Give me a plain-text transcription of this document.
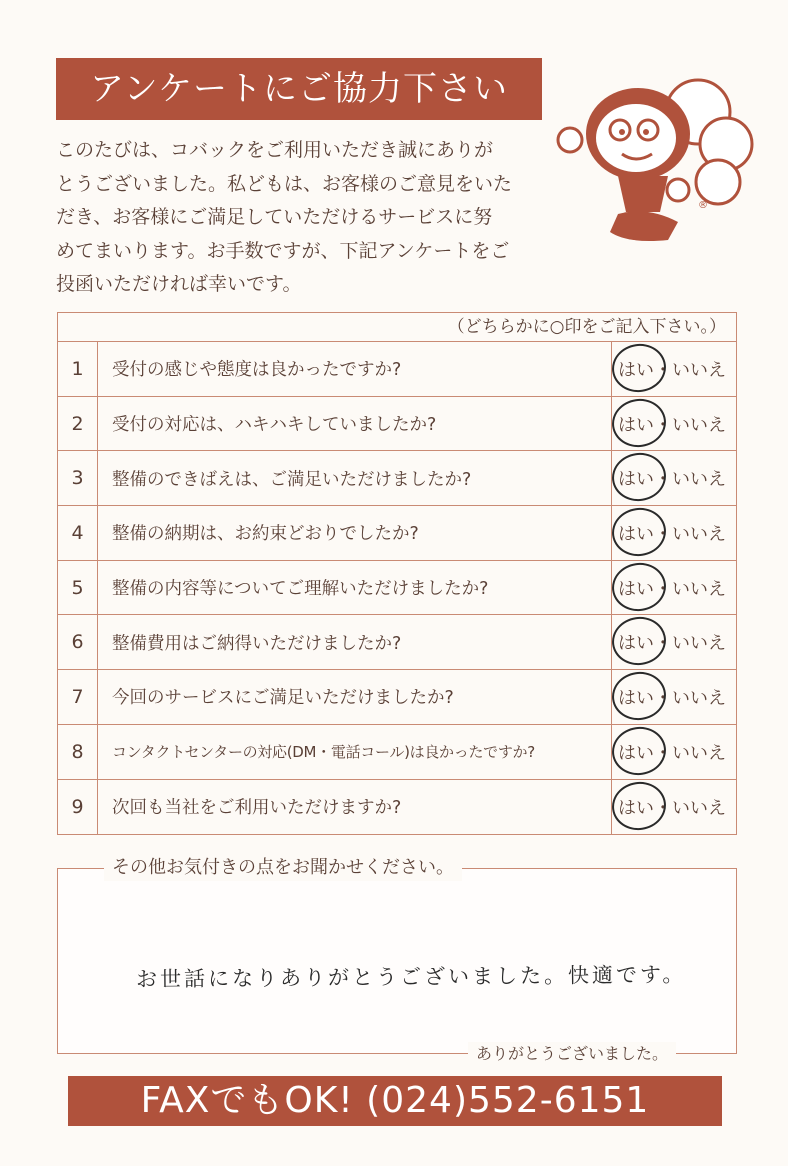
アンケートにご協力下さい
このたびは、コバックをご利用いただき誠にありが
とうございました。私どもは、お客様のご意見をいた
だき、お客様にご満足していただけるサービスに努
めてまいります。お手数ですが、下記アンケートをご
投函いただければ幸いです。
®
（どちらかに○印をご記入下さい。）
1	受付の感じや態度は良かったですか?	はい ・ いいえ
2	受付の対応は、ハキハキしていましたか?	はい ・ いいえ
3	整備のできばえは、ご満足いただけましたか?	はい ・ いいえ
4	整備の納期は、お約束どおりでしたか?	はい ・ いいえ
5	整備の内容等についてご理解いただけましたか?	はい ・ いいえ
6	整備費用はご納得いただけましたか?	はい ・ いいえ
7	今回のサービスにご満足いただけましたか?	はい ・ いいえ
8	コンタクトセンターの対応(DM・電話コール)は良かったですか?	はい ・ いいえ
9	次回も当社をご利用いただけますか?	はい ・ いいえ
その他お気付きの点をお聞かせください。
お世話になりありがとうございました。快適です。
ありがとうございました。
FAXでもOK! (024)552-6151
